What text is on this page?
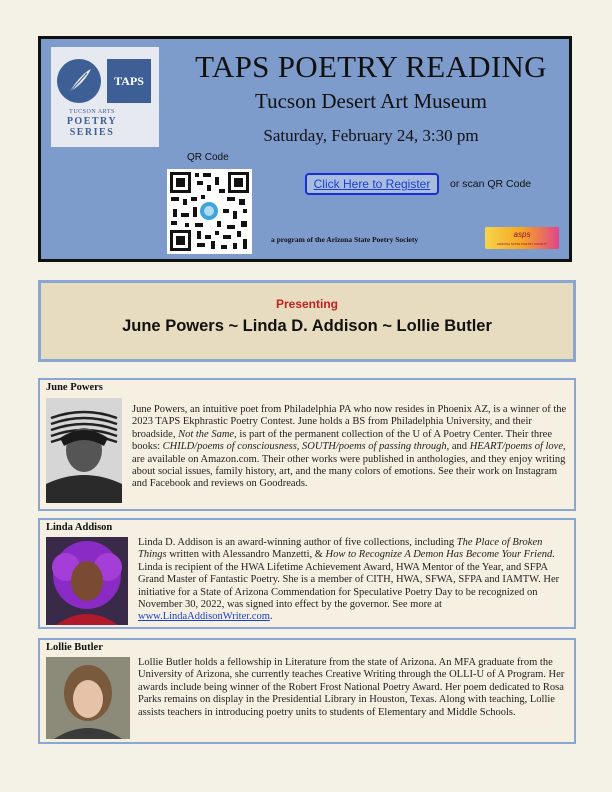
TAPS
TUCSON ARTS
POETRY
SERIES
TAPS POETRY READING
Tucson Desert Art Museum
Saturday, February 24, 3:30 pm
QR Code
Click Here to Register	or scan QR Code
a program of the Arizona State Poetry Society
asps
ARIZONA STATE POETRY SOCIETY
Presenting
June Powers ~ Linda D. Addison ~ Lollie Butler
June Powers
June Powers, an intuitive poet from Philadelphia PA who now resides in Phoenix AZ, is a winner of the 2023 TAPS Ekphrastic Poetry Contest. June holds a BS from Philadelphia University, and their broadside, Not the Same, is part of the permanent collection of the U of A Poetry Center. Their three books: CHILD/poems of consciousness, SOUTH/poems of passing through, and HEART/poems of love, are available on Amazon.com. Their other works were published in anthologies, and they enjoy writing about social issues, family history, art, and the many colors of emotions. See their work on Instagram and Facebook and reviews on Goodreads.
Linda Addison
Linda D. Addison is an award-winning author of five collections, including The Place of Broken Things written with Alessandro Manzetti, & How to Recognize A Demon Has Become Your Friend. Linda is recipient of the HWA Lifetime Achievement Award, HWA Mentor of the Year, and SFPA Grand Master of Fantastic Poetry. She is a member of CITH, HWA, SFWA, SFPA and IAMTW. Her initiative for a State of Arizona Commendation for Speculative Poetry Day to be recognized on November 30, 2022, was signed into effect by the governor. See more at www.LindaAddisonWriter.com.
Lollie Butler
Lollie Butler holds a fellowship in Literature from the state of Arizona. An MFA graduate from the University of Arizona, she currently teaches Creative Writing through the OLLI-U of A Program. Her awards include being winner of the Robert Frost National Poetry Award. Her poem dedicated to Rosa Parks remains on display in the Presidential Library in Houston, Texas. Along with teaching, Lollie assists teachers in introducing poetry units to students of Elementary and Middle Schools.
